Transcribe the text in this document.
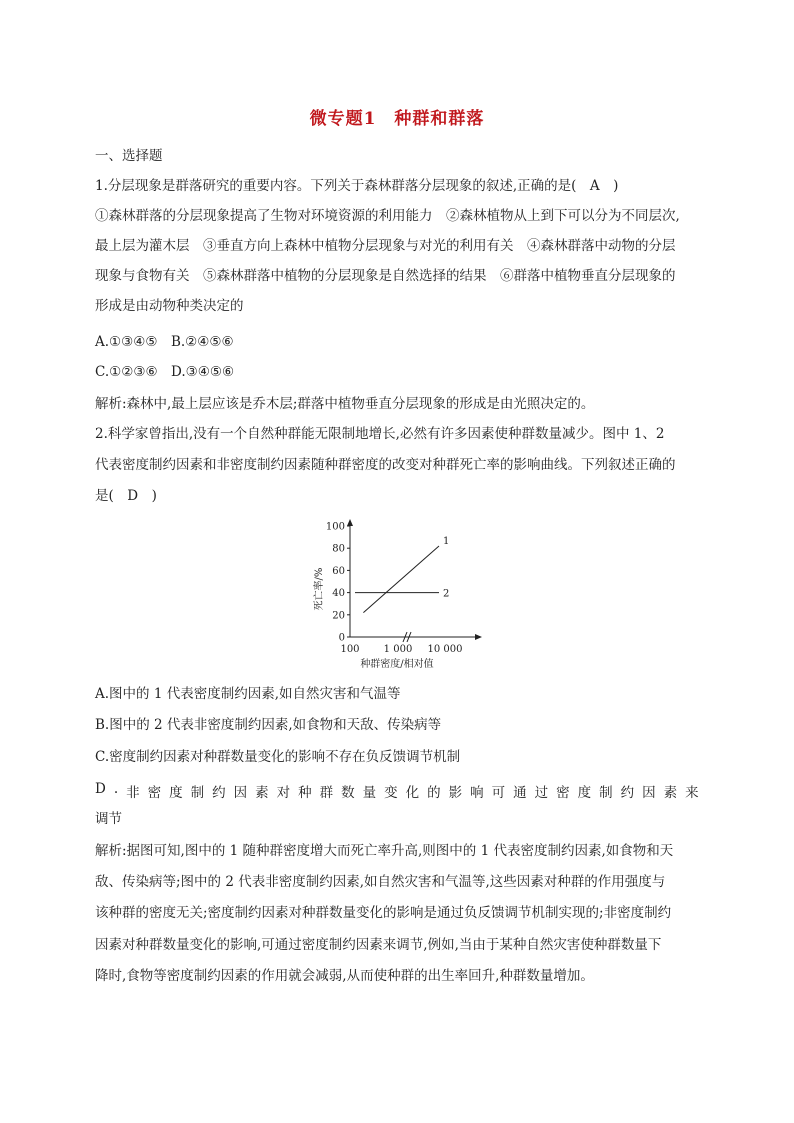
微专题1 种群和群落
一、选择题
1.分层现象是群落研究的重要内容。下列关于森林群落分层现象的叙述,正确的是(　A　)
①森林群落的分层现象提高了生物对环境资源的利用能力　②森林植物从上到下可以分为不同层次,
最上层为灌木层　③垂直方向上森林中植物分层现象与对光的利用有关　④森林群落中动物的分层
现象与食物有关　⑤森林群落中植物的分层现象是自然选择的结果　⑥群落中植物垂直分层现象的
形成是由动物种类决定的
A.①③④⑤　B.②④⑤⑥
C.①②③⑥　D.③④⑤⑥
解析:森林中,最上层应该是乔木层;群落中植物垂直分层现象的形成是由光照决定的。
2.科学家曾指出,没有一个自然种群能无限制地增长,必然有许多因素使种群数量减少。图中 1、2
代表密度制约因素和非密度制约因素随种群密度的改变对种群死亡率的影响曲线。下列叙述正确的
是(　D　)
死亡率/%
种群密度/相对值
0
20
40
60
80
100
100 1 000 10 000
1
2
A.图中的 1 代表密度制约因素,如自然灾害和气温等
B.图中的 2 代表非密度制约因素,如食物和天敌、传染病等
C.密度制约因素对种群数量变化的影响不存在负反馈调节机制
D . 非 密 度 制 约 因 素 对 种 群 数 量 变 化 的 影 响 可 通 过 密 度 制 约 因 素 来
调节
解析:据图可知,图中的 1 随种群密度增大而死亡率升高,则图中的 1 代表密度制约因素,如食物和天
敌、传染病等;图中的 2 代表非密度制约因素,如自然灾害和气温等,这些因素对种群的作用强度与
该种群的密度无关;密度制约因素对种群数量变化的影响是通过负反馈调节机制实现的;非密度制约
因素对种群数量变化的影响,可通过密度制约因素来调节,例如,当由于某种自然灾害使种群数量下
降时,食物等密度制约因素的作用就会减弱,从而使种群的出生率回升,种群数量增加。
